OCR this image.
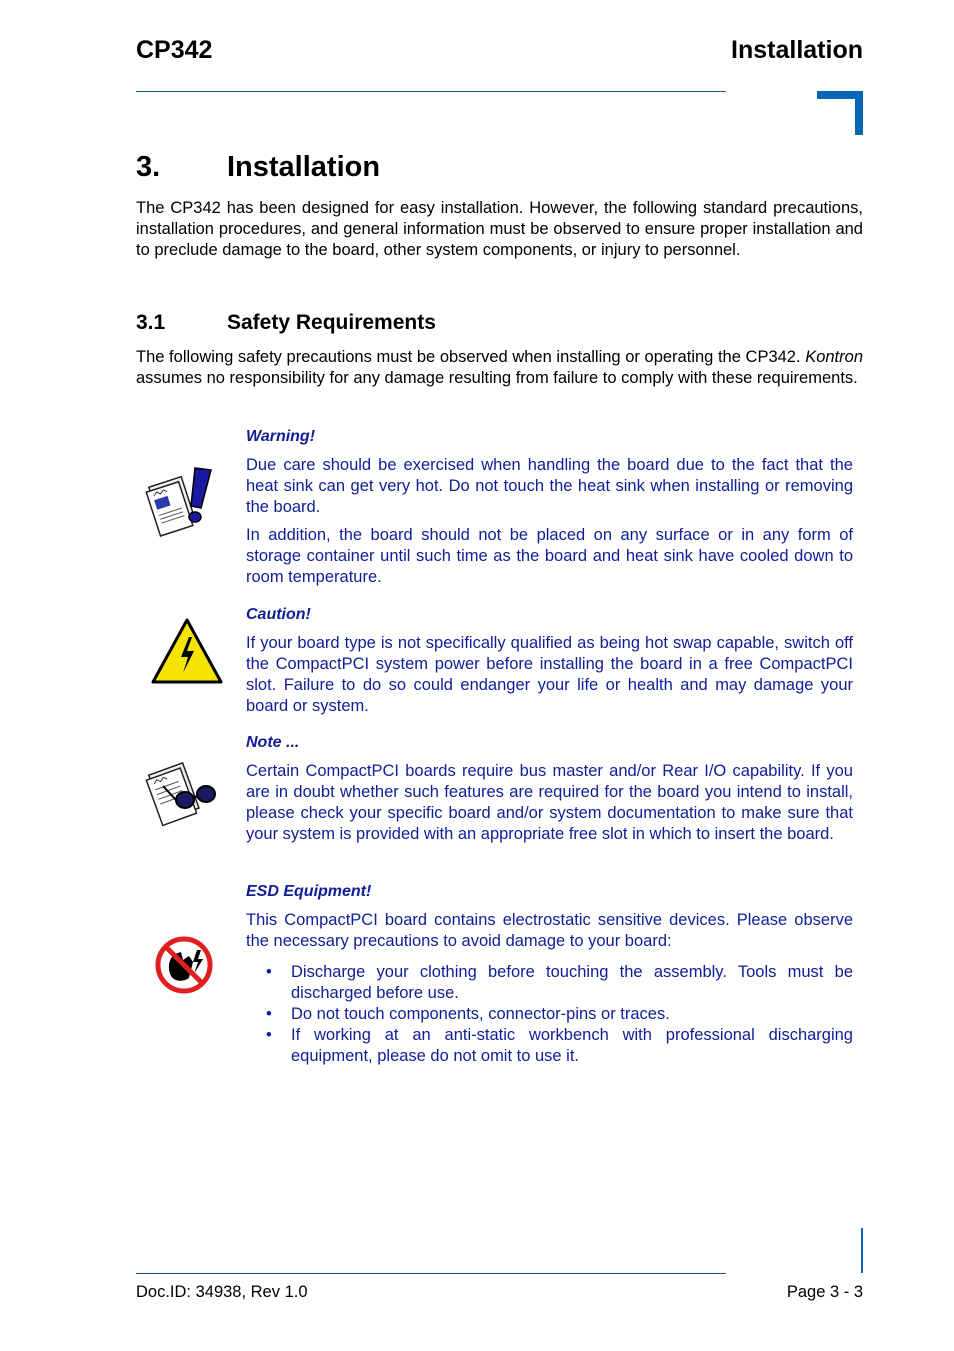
CP342	Installation
3. Installation

The CP342 has been designed for easy installation. However, the following standard precautions, installation procedures, and general information must be observed to ensure proper installation and to preclude damage to the board, other system components, or injury to personnel.

3.1	Safety Requirements

The following safety precautions must be observed when installing or operating the CP342. Kontron assumes no responsibility for any damage resulting from failure to comply with these requirements.

Warning!

Due care should be exercised when handling the board due to the fact that the heat sink can get very hot. Do not touch the heat sink when installing or removing the board.

In addition, the board should not be placed on any surface or in any form of storage container until such time as the board and heat sink have cooled down to room temperature.

Caution!

If your board type is not specifically qualified as being hot swap capable, switch off the CompactPCI system power before installing the board in a free CompactPCI slot. Failure to do so could endanger your life or health and may damage your board or system.

Note ...

Certain CompactPCI boards require bus master and/or Rear I/O capability. If you are in doubt whether such features are required for the board you intend to install, please check your specific board and/or system documentation to make sure that your system is provided with an appropriate free slot in which to insert the board.

ESD Equipment!

This CompactPCI board contains electrostatic sensitive devices. Please observe the necessary precautions to avoid damage to your board:

• Discharge your clothing before touching the assembly. Tools must be discharged before use.
• Do not touch components, connector-pins or traces.
• If working at an anti-static workbench with professional discharging equipment, please do not omit to use it.
Doc.ID: 34938, Rev 1.0	Page 3 - 3
